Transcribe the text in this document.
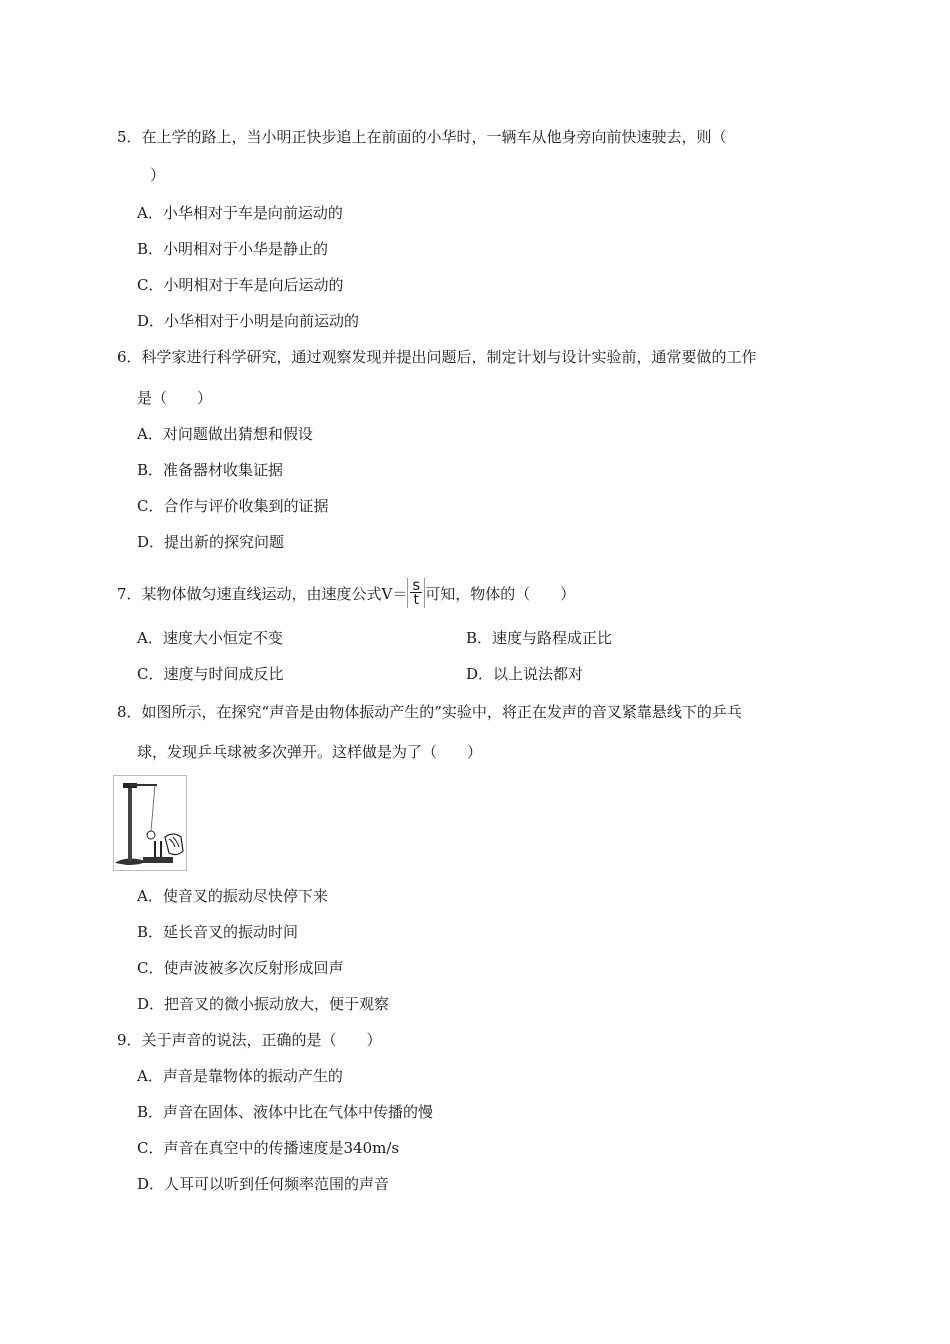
5．在上学的路上，当小明正快步追上在前面的小华时，一辆车从他身旁向前快速驶去，则（
）
A．小华相对于车是向前运动的
B．小明相对于小华是静止的
C．小明相对于车是向后运动的
D．小华相对于小明是向前运动的
6．科学家进行科学研究，通过观察发现并提出问题后，制定计划与设计实验前，通常要做的工作
是（　　）
A．对问题做出猜想和假设
B．准备器材收集证据
C．合作与评价收集到的证据
D．提出新的探究问题
7．某物体做匀速直线运动，由速度公式$V= \frac{s}{t}$ 可知，物体的（　　）
A．速度大小恒定不变	B．速度与路程成正比
C．速度与时间成反比	D．以上说法都对
8．如图所示，在探究“声音是由物体振动产生的”实验中，将正在发声的音叉紧靠悬线下的乒乓
球，发现乒乓球被多次弹开。这样做是为了（　　）
A．使音叉的振动尽快停下来
B．延长音叉的振动时间
C．使声波被多次反射形成回声
D．把音叉的微小振动放大，便于观察
9．关于声音的说法，正确的是（　　）
A．声音是靠物体的振动产生的
B．声音在固体、液体中比在气体中传播的慢
C．声音在真空中的传播速度是340m/s
D．人耳可以听到任何频率范围的声音
